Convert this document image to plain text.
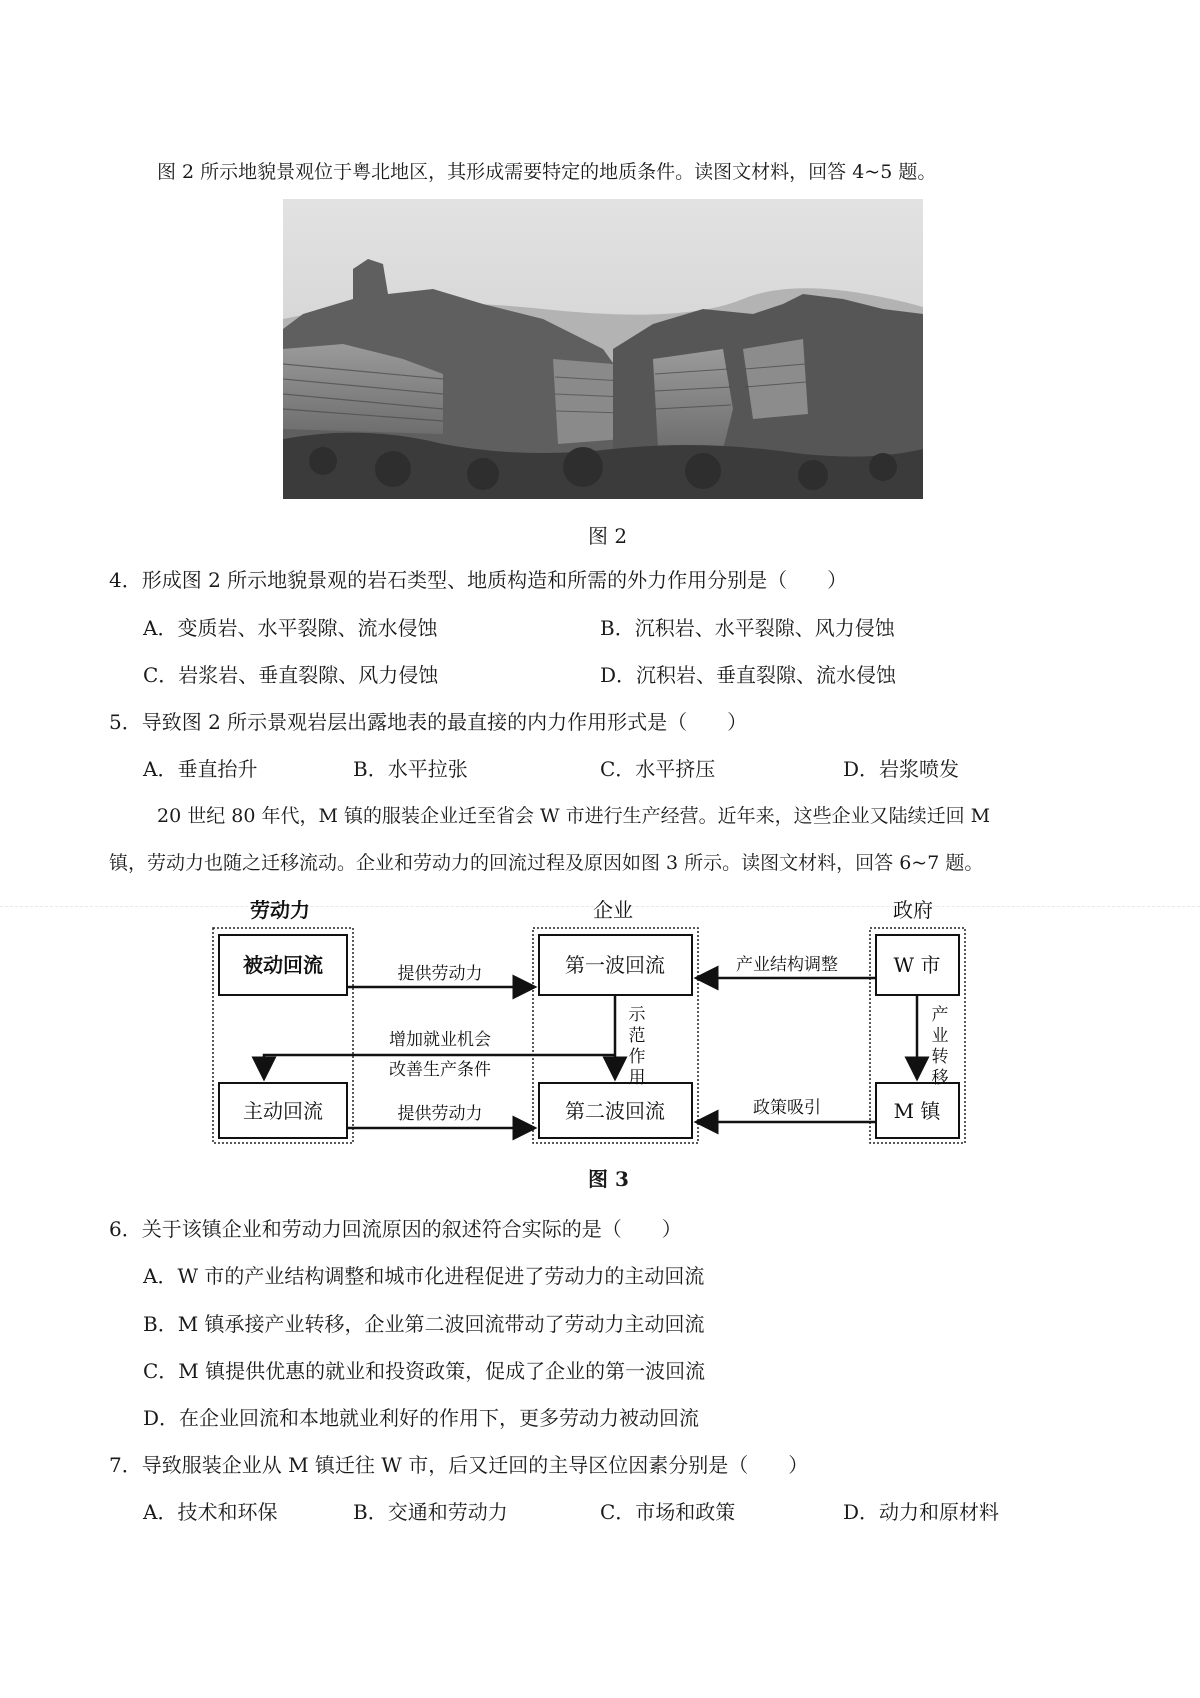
图 2 所示地貌景观位于粤北地区，其形成需要特定的地质条件。读图文材料，回答 4~5 题。
图 2
4．形成图 2 所示地貌景观的岩石类型、地质构造和所需的外力作用分别是（　　）
A．变质岩、水平裂隙、流水侵蚀	B．沉积岩、水平裂隙、风力侵蚀
C．岩浆岩、垂直裂隙、风力侵蚀	D．沉积岩、垂直裂隙、流水侵蚀
5．导致图 2 所示景观岩层出露地表的最直接的内力作用形式是（　　）
A．垂直抬升	B．水平拉张	C．水平挤压	D．岩浆喷发
20 世纪 80 年代，M 镇的服装企业迁至省会 W 市进行生产经营。近年来，这些企业又陆续迁回 M
镇，劳动力也随之迁移流动。企业和劳动力的回流过程及原因如图 3 所示。读图文材料，回答 6~7 题。
劳动力	企业	政府
被动回流
主动回流
第一波回流
第二波回流
W 市
M 镇
提供劳动力
提供劳动力
产业结构调整
政策吸引
示
范
作
用
增加就业机会
改善生产条件
产
业
转
移
图 3
6．关于该镇企业和劳动力回流原因的叙述符合实际的是（　　）
A．W 市的产业结构调整和城市化进程促进了劳动力的主动回流
B．M 镇承接产业转移，企业第二波回流带动了劳动力主动回流
C．M 镇提供优惠的就业和投资政策，促成了企业的第一波回流
D．在企业回流和本地就业利好的作用下，更多劳动力被动回流
7．导致服装企业从 M 镇迁往 W 市，后又迁回的主导区位因素分别是（　　）
A．技术和环保	B．交通和劳动力	C．市场和政策	D．动力和原材料
